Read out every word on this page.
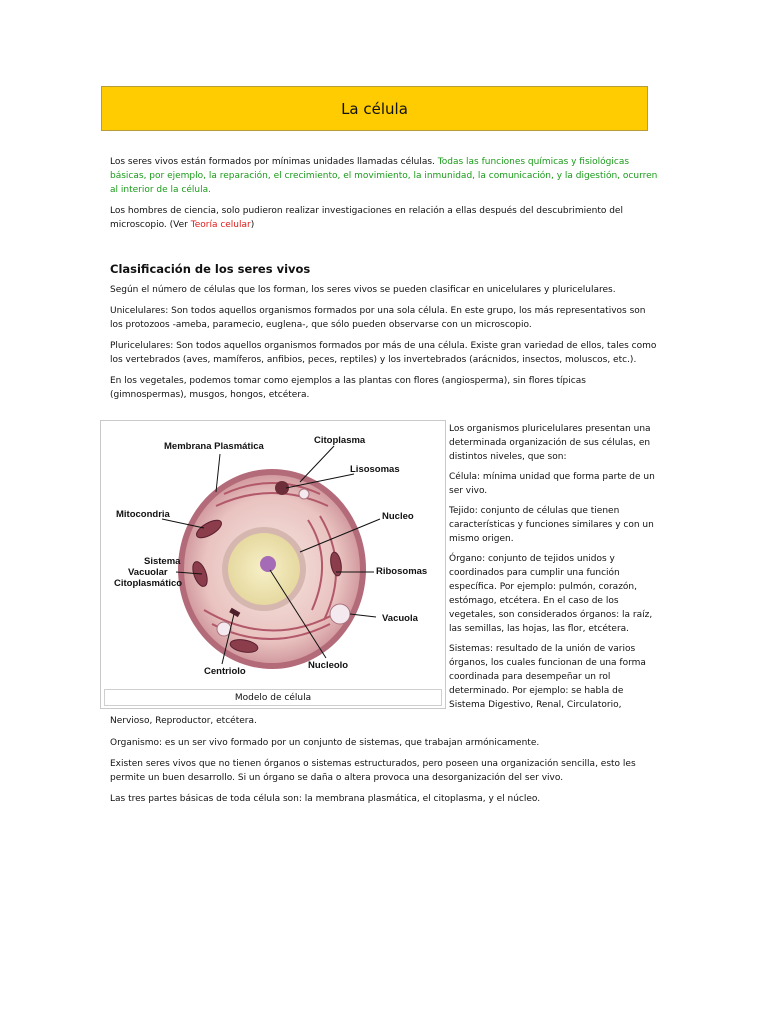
La célula

Los seres vivos están formados por mínimas unidades llamadas células. Todas las funciones químicas y fisiológicas básicas, por ejemplo, la reparación, el crecimiento, el movimiento, la inmunidad, la comunicación, y la digestión, ocurren al interior de la célula.

Los hombres de ciencia, solo pudieron realizar investigaciones en relación a ellas después del descubrimiento del microscopio. (Ver Teoría celular)

Clasificación de los seres vivos

Según el número de células que los forman, los seres vivos se pueden clasificar en unicelulares y pluricelulares.

Unicelulares: Son todos aquellos organismos formados por una sola célula. En este grupo, los más representativos son los protozoos -ameba, paramecio, euglena-, que sólo pueden observarse con un microscopio.

Pluricelulares: Son todos aquellos organismos formados por más de una célula. Existe gran variedad de ellos, tales como los vertebrados (aves, mamíferos, anfibios, peces, reptiles) y los invertebrados (arácnidos, insectos, moluscos, etc.).

En los vegetales, podemos tomar como ejemplos a las plantas con flores (angiosperma), sin flores típicas (gimnospermas), musgos, hongos, etcétera.

Membrana Plasmática
Citoplasma
Lisosomas
Mitocondria	Nucleo
Sistema
Vacuolar
Citoplasmático
Ribosomas
Vacuola
Centriolo
Nucleolo
Modelo de célula

Los organismos pluricelulares presentan una determinada organización de sus células, en distintos niveles, que son:

Célula: mínima unidad que forma parte de un ser vivo.

Tejido: conjunto de células que tienen características y funciones similares y con un mismo origen.

Órgano: conjunto de tejidos unidos y coordinados para cumplir una función específica. Por ejemplo: pulmón, corazón, estómago, etcétera. En el caso de los vegetales, son considerados órganos: la raíz, las semillas, las hojas, las flor, etcétera.

Sistemas: resultado de la unión de varios órganos, los cuales funcionan de una forma coordinada para desempeñar un rol determinado. Por ejemplo: se habla de Sistema Digestivo, Renal, Circulatorio,

Nervioso, Reproductor, etcétera.

Organismo: es un ser vivo formado por un conjunto de sistemas, que trabajan armónicamente.

Existen seres vivos que no tienen órganos o sistemas estructurados, pero poseen una organización sencilla, esto les permite un buen desarrollo. Si un órgano se daña o altera provoca una desorganización del ser vivo.

Las tres partes básicas de toda célula son: la membrana plasmática, el citoplasma, y el núcleo.
